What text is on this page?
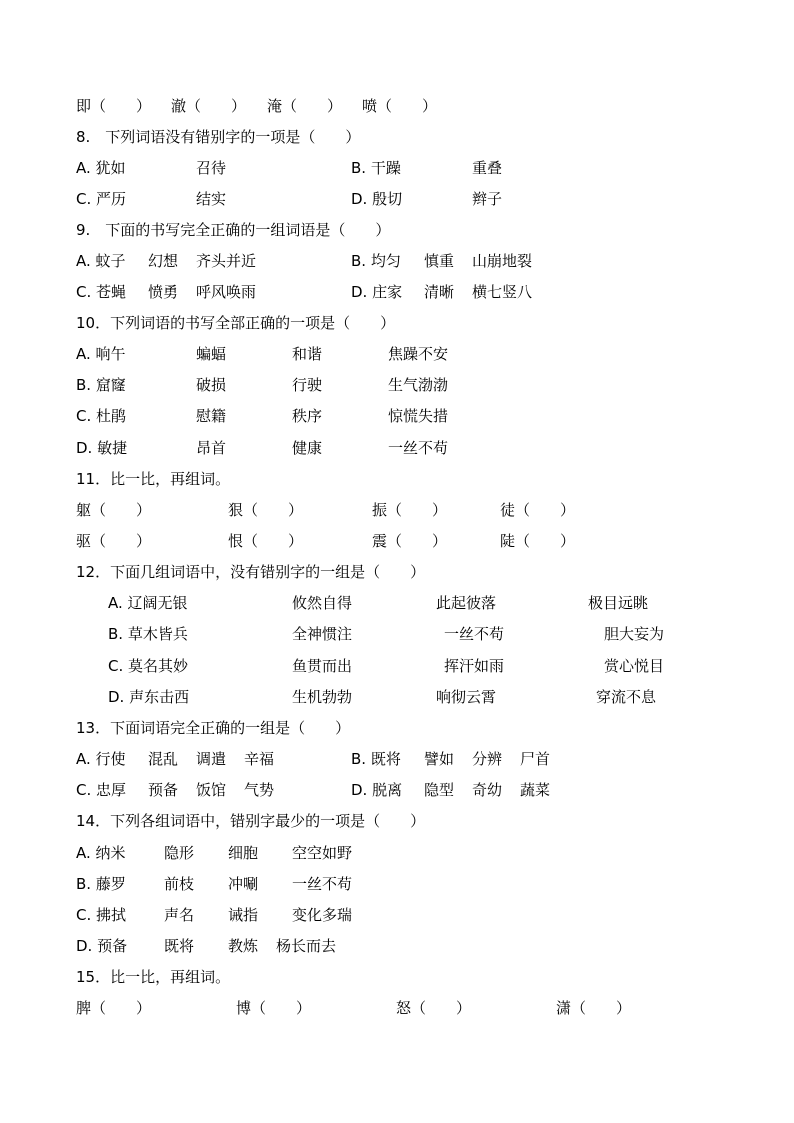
即（　　） 澈（　　） 淹（　　） 喷（　　）
8.　下列词语没有错别字的一项是（　　）
A. 犹如	召待	B. 干躁	重叠
C. 严历	结实	D. 殷切	辫子
9.　下面的书写完全正确的一组词语是（　　）
A. 蚊子 幻想 齐头并近	B. 均匀 慎重 山崩地裂
C. 苍蝇 愤勇 呼风唤雨	D. 庄家 清晰 横七竖八
10．下列词语的书写全部正确的一项是（　　）
A. 响午	蝙蝠	和谐	焦躁不安
B. 窟窿	破损	行驶	生气渤渤
C. 杜鹃	慰籍	秩序	惊慌失措
D. 敏捷	昂首	健康	一丝不苟
11．比一比，再组词。
躯（　　）	狠（　　）	振（　　）	徒（　　）
驱（　　）	恨（　　）	震（　　）	陡（　　）
12．下面几组词语中，没有错别字的一组是（　　）
A. 辽阔无银	攸然自得	此起彼落	极目远眺
B. 草木皆兵	全神惯注	一丝不苟	胆大妄为
C. 莫名其妙	鱼贯而出	挥汗如雨	赏心悦目
D. 声东击西	生机勃勃	响彻云霄	穿流不息
13．下面词语完全正确的一组是（　　）
A. 行使 混乱 调遣 辛福	B. 既将 譬如 分辨 尸首
C. 忠厚 预备 饭馆 气势	D. 脱离 隐型 奇幼 蔬菜
14．下列各组词语中，错别字最少的一项是（　　）
A. 纳米	隐形 细胞 空空如野
B. 藤罗	前枝 冲唰 一丝不苟
C. 拂拭	声名 诫指 变化多瑞
D. 预备 既将 教炼 杨长而去
15．比一比，再组词。
脾（　　）	博（　　）	怒（　　）	潇（　　）
